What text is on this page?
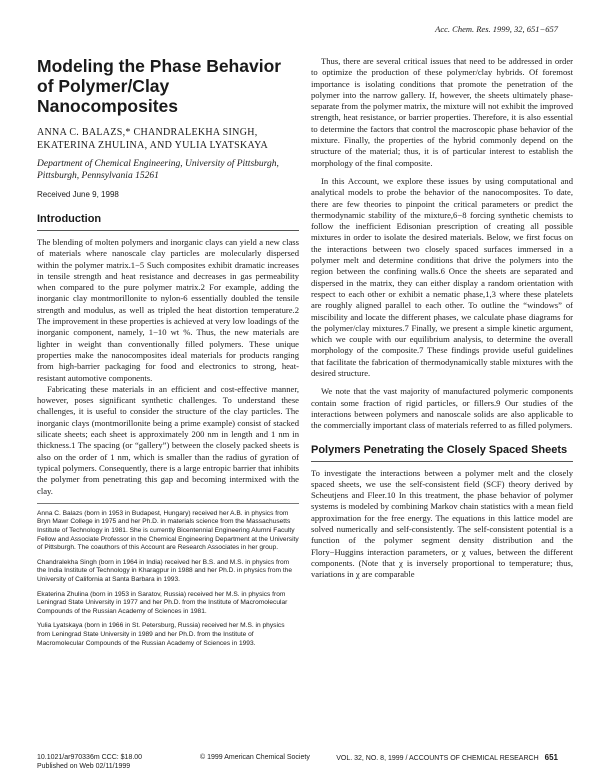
Acc. Chem. Res. 1999, 32, 651−657
Modeling the Phase Behavior of Polymer/Clay Nanocomposites
ANNA C. BALAZS,* CHANDRALEKHA SINGH, EKATERINA ZHULINA, AND YULIA LYATSKAYA
Department of Chemical Engineering, University of Pittsburgh, Pittsburgh, Pennsylvania 15261
Received June 9, 1998
Introduction

The blending of molten polymers and inorganic clays can yield a new class of materials where nanoscale clay particles are molecularly dispersed within the polymer matrix.1−5 Such composites exhibit dramatic increases in tensile strength and heat resistance and decreases in gas permeability when compared to the pure polymer matrix.2 For example, adding the inorganic clay montmorillonite to nylon-6 essentially doubled the tensile strength and modulus, as well as tripled the heat distortion temperature.2 The improvement in these properties is achieved at very low loadings of the inorganic component, namely, 1−10 wt %. Thus, the new materials are lighter in weight than conventionally filled polymers. These unique properties make the nanocomposites ideal materials for products ranging from high-barrier packaging for food and electronics to strong, heat-resistant automotive components.

Fabricating these materials in an efficient and cost-effective manner, however, poses significant synthetic challenges. To understand these challenges, it is useful to consider the structure of the clay particles. The inorganic clays (montmorillonite being a prime example) consist of stacked silicate sheets; each sheet is approximately 200 nm in length and 1 nm in thickness.1 The spacing (or “gallery”) between the closely packed sheets is also on the order of 1 nm, which is smaller than the radius of gyration of typical polymers. Consequently, there is a large entropic barrier that inhibits the polymer from penetrating this gap and becoming intermixed with the clay.

Anna C. Balazs (born in 1953 in Budapest, Hungary) received her A.B. in physics from Bryn Mawr College in 1975 and her Ph.D. in materials science from the Massachusetts Institute of Technology in 1981. She is currently Bicentennial Engineering Alumni Faculty Fellow and Associate Professor in the Chemical Engineering Department at the University of Pittsburgh. The coauthors of this Account are Research Associates in her group.

Chandralekha Singh (born in 1964 in India) received her B.S. and M.S. in physics from the India Institute of Technology in Kharagpur in 1988 and her Ph.D. in physics from the University of California at Santa Barbara in 1993.

Ekaterina Zhulina (born in 1953 in Saratov, Russia) received her M.S. in physics from Leningrad State University in 1977 and her Ph.D. from the Institute of Macromolecular Compounds of the Russian Academy of Sciences in 1981.

Yulia Lyatskaya (born in 1966 in St. Petersburg, Russia) received her M.S. in physics from Leningrad State University in 1989 and her Ph.D. from the Institute of Macromolecular Compounds of the Russian Academy of Sciences in 1993.

Thus, there are several critical issues that need to be addressed in order to optimize the production of these polymer/clay hybrids. Of foremost importance is isolating conditions that promote the penetration of the polymer into the narrow gallery. If, however, the sheets ultimately phase-separate from the polymer matrix, the mixture will not exhibit the improved strength, heat resistance, or barrier properties. Therefore, it is also essential to determine the factors that control the macroscopic phase behavior of the mixture. Finally, the properties of the hybrid commonly depend on the structure of the material; thus, it is of particular interest to establish the morphology of the final composite.

In this Account, we explore these issues by using computational and analytical models to probe the behavior of the nanocomposites. To date, there are few theories to pinpoint the critical parameters or predict the thermodynamic stability of the mixture,6−8 forcing synthetic chemists to follow the inefficient Edisonian prescription of creating all possible mixtures in order to isolate the desired materials. Below, we first focus on the interactions between two closely spaced surfaces immersed in a polymer melt and determine conditions that drive the polymers into the region between the confining walls.6 Once the sheets are separated and dispersed in the matrix, they can either display a random orientation with respect to each other or exhibit a nematic phase,1,3 where these platelets are roughly aligned parallel to each other. To outline the “windows” of miscibility and locate the different phases, we calculate phase diagrams for the polymer/clay mixtures.7 Finally, we present a simple kinetic argument, which we couple with our equilibrium analysis, to determine the overall morphology of the composite.7 These findings provide useful guidelines that facilitate the fabrication of thermodynamically stable mixtures with the desired structure.

We note that the vast majority of manufactured polymeric components contain some fraction of rigid particles, or fillers.9 Our studies of the interactions between polymers and nanoscale solids are also applicable to the commercially important class of materials referred to as filled polymers.

Polymers Penetrating the Closely Spaced Sheets

To investigate the interactions between a polymer melt and the closely spaced sheets, we use the self-consistent field (SCF) theory derived by Scheutjens and Fleer.10 In this treatment, the phase behavior of polymer systems is modeled by combining Markov chain statistics with a mean field approximation for the free energy. The equations in this lattice model are solved numerically and self-consistently. The self-consistent potential is a function of the polymer segment density distribution and the Flory−Huggins interaction parameters, or χ values, between the different components. (Note that χ is inversely proportional to temperature; thus, variations in χ are comparable

10.1021/ar970336m CCC: $18.00
Published on Web 02/11/1999
© 1999 American Chemical Society	VOL. 32, NO. 8, 1999 / ACCOUNTS OF CHEMICAL RESEARCH 651
